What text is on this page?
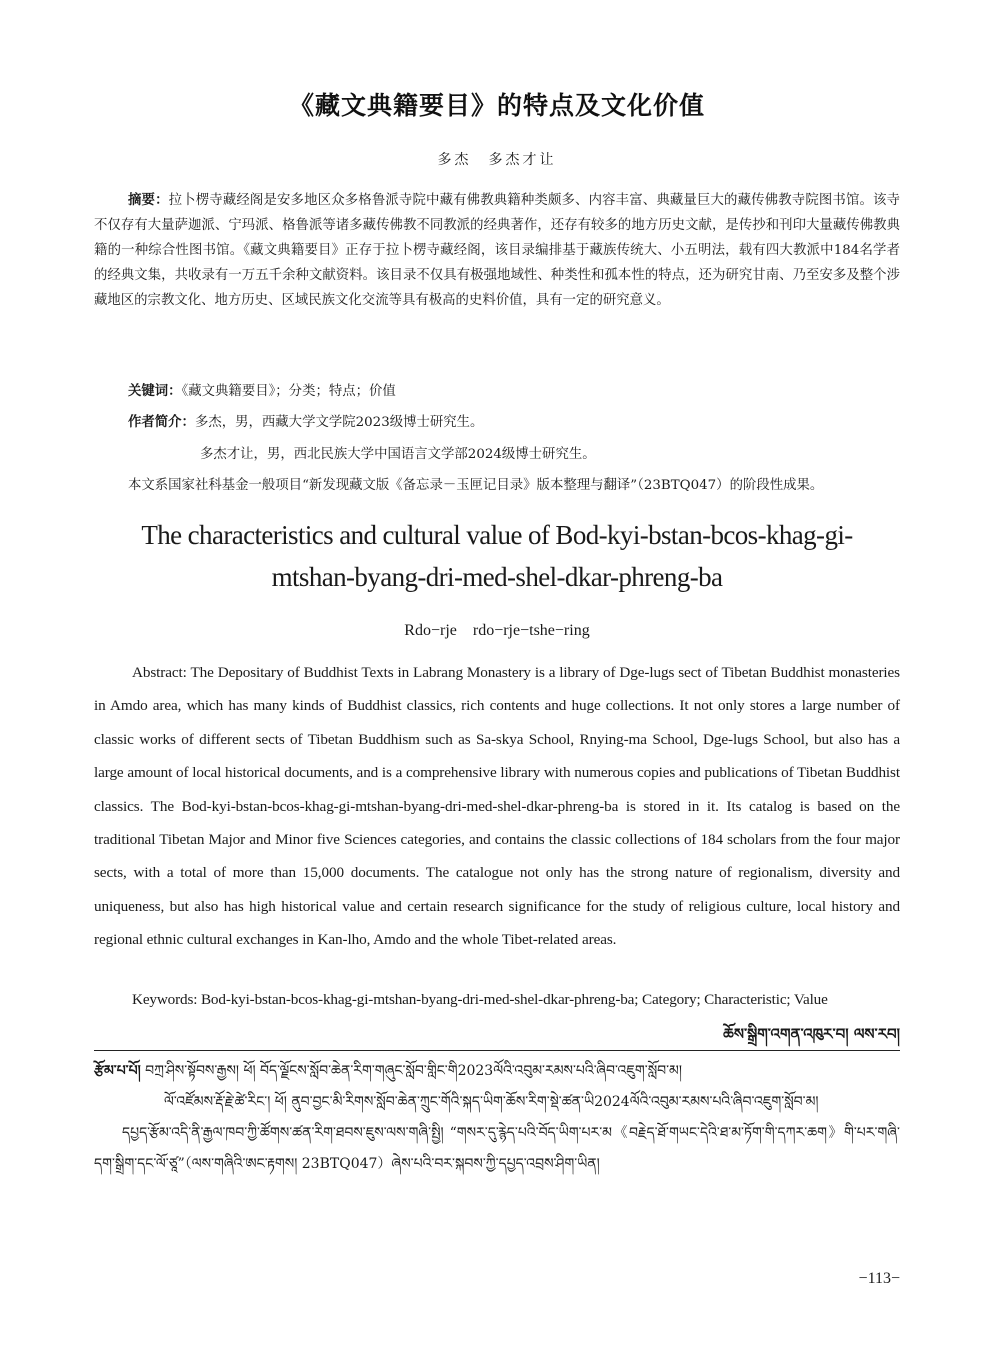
《藏文典籍要目》的特点及文化价值
多杰　多杰才让
摘要：拉卜楞寺藏经阁是安多地区众多格鲁派寺院中藏有佛教典籍种类颇多、内容丰富、典藏量巨大的藏传佛教寺院图书馆。该寺不仅存有大量萨迦派、宁玛派、格鲁派等诸多藏传佛教不同教派的经典著作，还存有较多的地方历史文献，是传抄和刊印大量藏传佛教典籍的一种综合性图书馆。《藏文典籍要目》正存于拉卜楞寺藏经阁，该目录编排基于藏族传统大、小五明法，载有四大教派中184名学者的经典文集，共收录有一万五千余种文献资料。该目录不仅具有极强地域性、种类性和孤本性的特点，还为研究甘南、乃至安多及整个涉藏地区的宗教文化、地方历史、区域民族文化交流等具有极高的史料价值，具有一定的研究意义。
关键词：《藏文典籍要目》；分类；特点；价值
作者简介：多杰，男，西藏大学文学院2023级博士研究生。
多杰才让，男，西北民族大学中国语言文学部2024级博士研究生。
本文系国家社科基金一般项目“新发现藏文版《备忘录－玉匣记目录》版本整理与翻译”（23BTQ047）的阶段性成果。
The characteristics and cultural value of Bod-kyi-bstan-bcos-khag-gi-
mtshan-byang-dri-med-shel-dkar-phreng-ba
Rdo−rje　rdo−rje−tshe−ring
Abstract: The Depositary of Buddhist Texts in Labrang Monastery is a library of Dge-lugs sect of Tibetan Buddhist monasteries in Amdo area, which has many kinds of Buddhist classics, rich contents and huge collections. It not only stores a large number of classic works of different sects of Tibetan Buddhism such as Sa-skya School, Rnying-ma School, Dge-lugs School, but also has a large amount of local historical documents, and is a comprehensive library with numerous copies and publications of Tibetan Buddhist classics. The Bod-kyi-bstan-bcos-khag-gi-mtshan-byang-dri-med-shel-dkar-phreng-ba is stored in it. Its catalog is based on the traditional Tibetan Major and Minor five Sciences categories, and contains the classic collections of 184 scholars from the four major sects, with a total of more than 15,000 documents. The catalogue not only has the strong nature of regionalism, diversity and uniqueness, but also has high historical value and certain research significance for the study of religious culture, local history and regional ethnic cultural exchanges in Kan-lho, Amdo and the whole Tibet-related areas.
Keywords: Bod-kyi-bstan-bcos-khag-gi-mtshan-byang-dri-med-shel-dkar-phreng-ba; Category; Characteristic; Value
ཆོས་སྒྲིག་འགན་འཁུར་བ། ལས་རབ།

རྩོམ་པ་པོ། བཀྲ་ཤིས་སྟོབས་རྒྱས། ཕོ། བོད་ལྗོངས་སློབ་ཆེན་རིག་གཞུང་སློབ་གླིང་གི2023ལོའི་འབུམ་རམས་པའི་ཞིབ་འཇུག་སློབ་མ།

ལོ་འཛོམས་རྡོ་རྗེ་ཚེ་རིང་། ཕོ། ནུབ་བྱང་མི་རིགས་སློབ་ཆེན་ཀྲུང་གོའི་སྐད་ཡིག་ཆོས་རིག་སྡེ་ཚན་ཡི2024ལོའི་འབུམ་རམས་པའི་ཞིབ་འཇུག་སློབ་མ།

དཔྱད་རྩོམ་འདི་ནི་རྒྱལ་ཁབ་ཀྱི་ཚོགས་ཚན་རིག་ཐབས་ཇུས་ལས་གཞི་སྤྱི། “གསར་དུ་རྙེད་པའི་བོད་ཡིག་པར་མ《བརྗེད་ཐོ་གཡང་དེའི་ཐ་མ་ཏོག་གི་དཀར་ཆག》གི་པར་གཞི་དག་སྒྲིག་དང་ལོ་ཙཱ”（ལས་གཞིའི་ཨང་རྟགས། 23BTQ047）ཞེས་པའི་བར་སྐབས་ཀྱི་དཔྱད་འབྲས་ཤིག་ཡིན།

−113−
